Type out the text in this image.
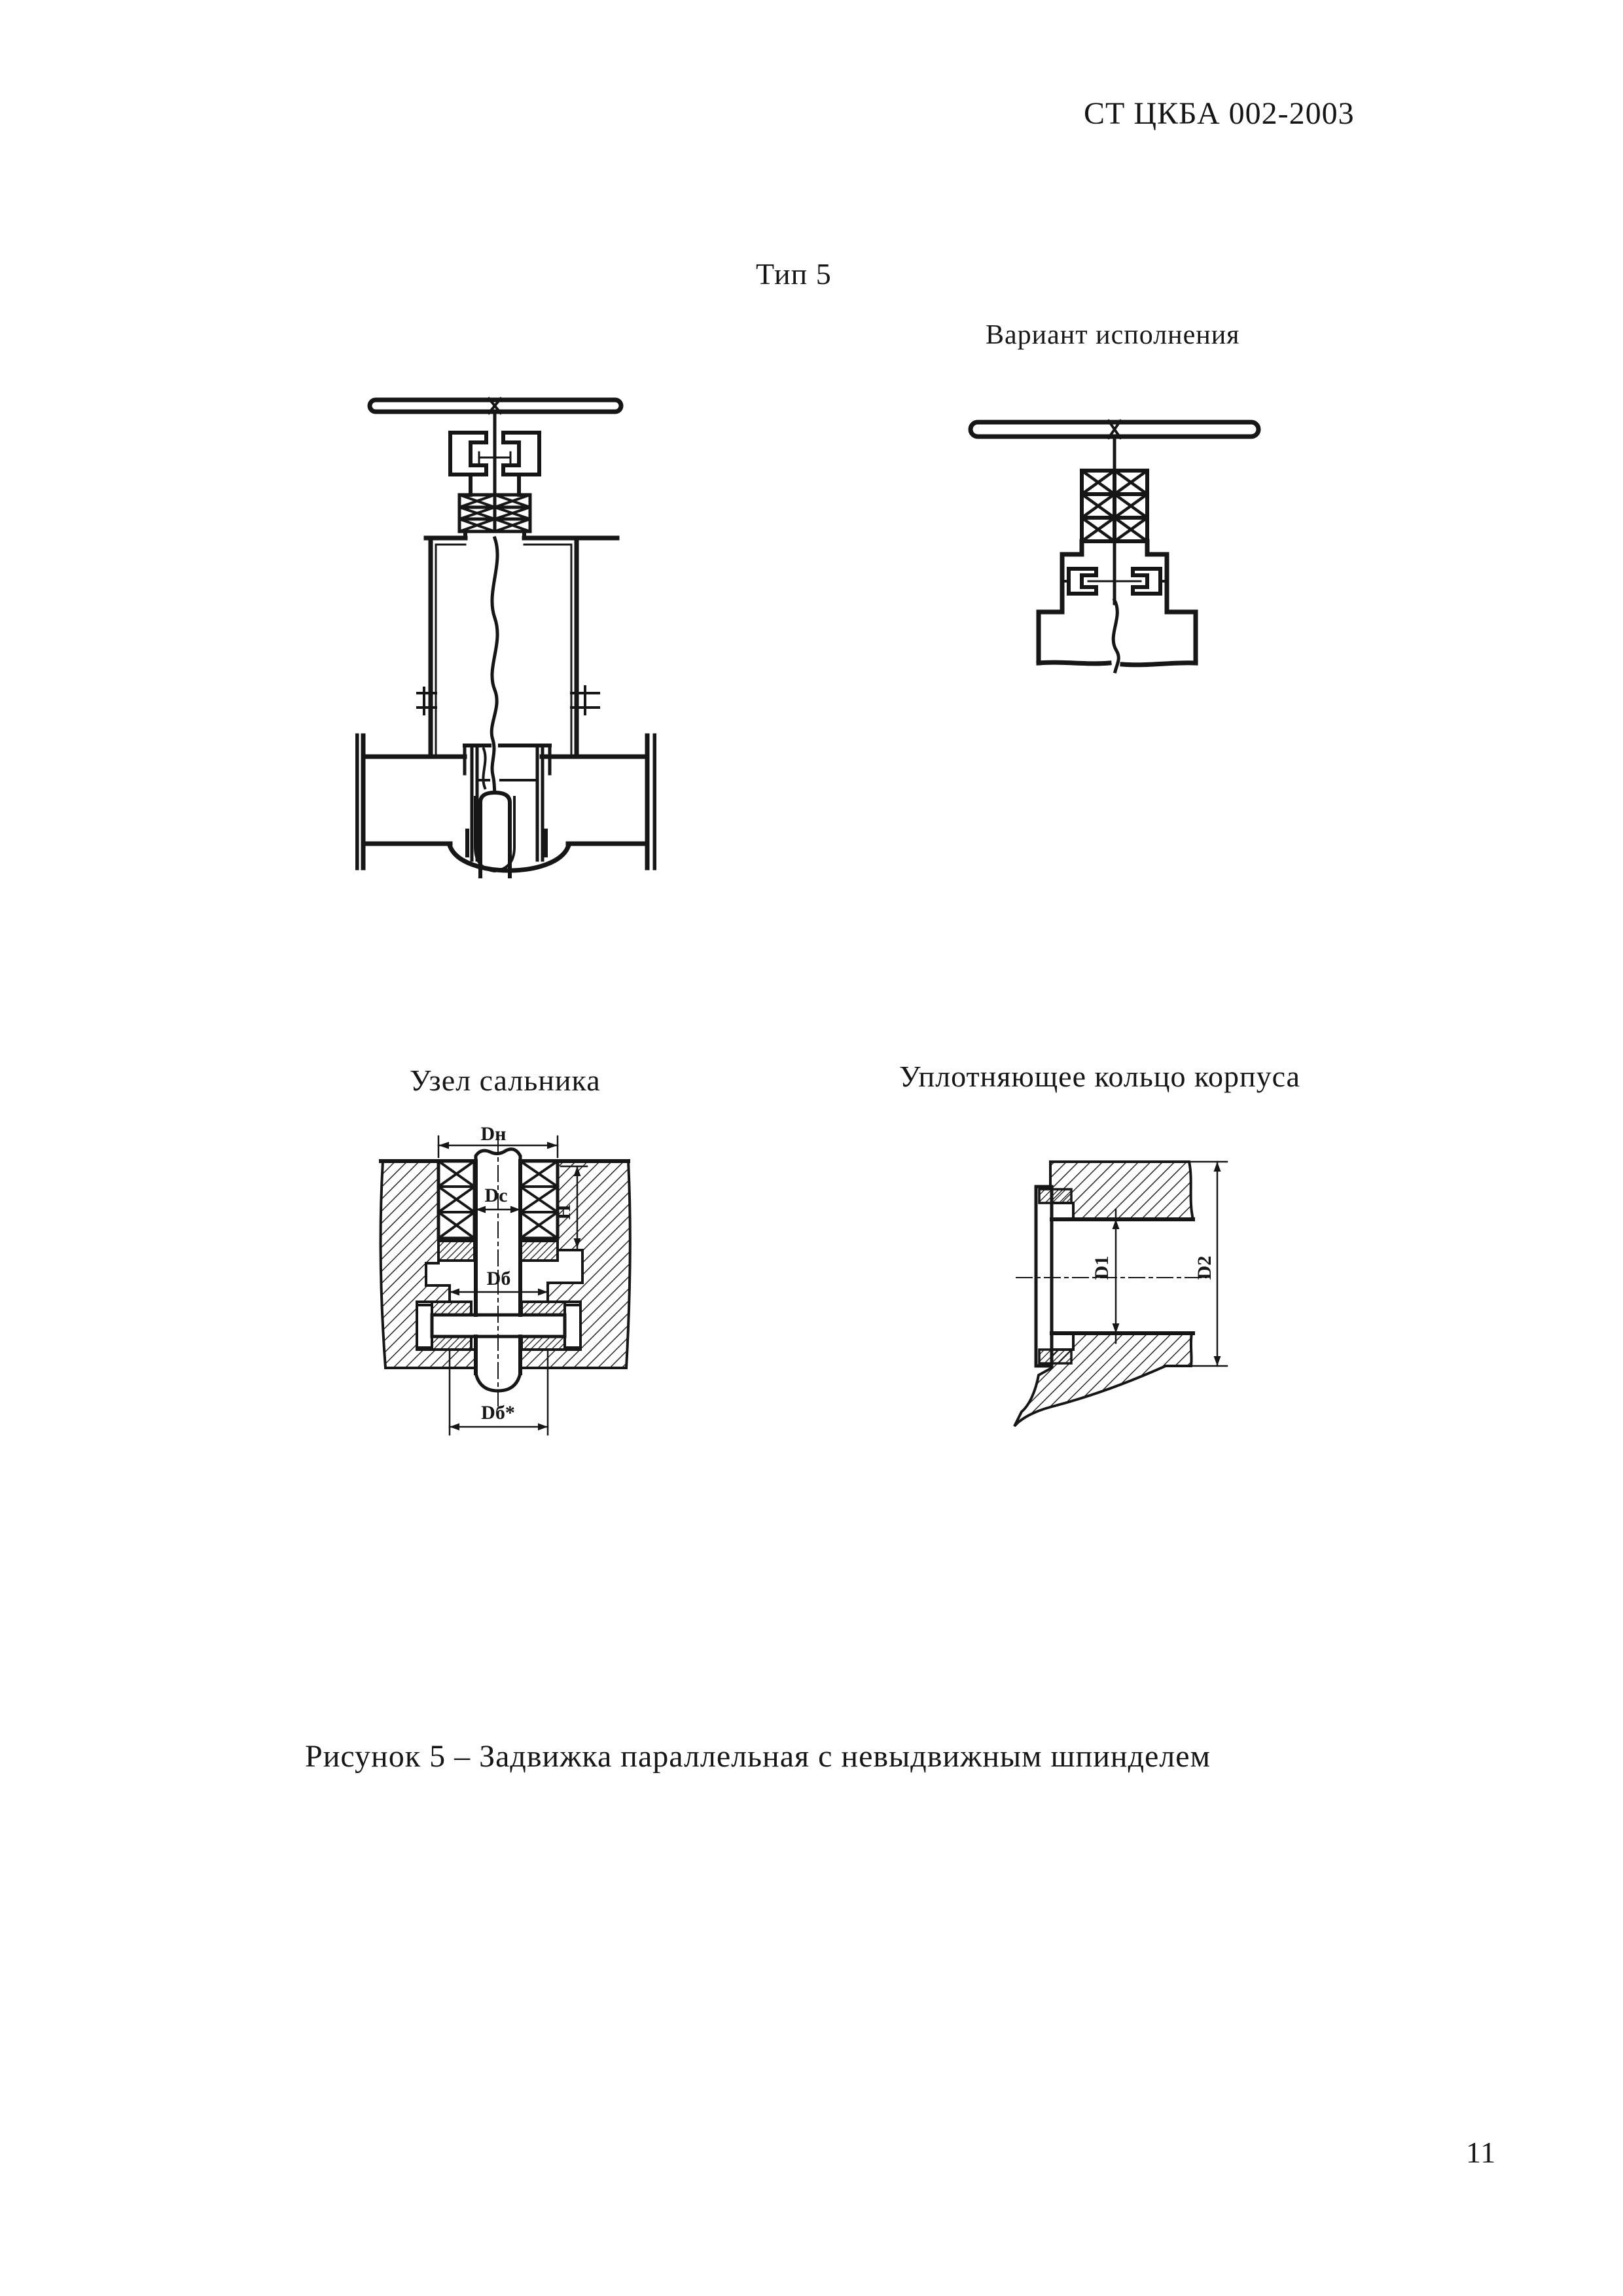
СТ ЦКБА 002-2003
Тип 5
Вариант исполнения
Узел сальника	Уплотняющее кольцо корпуса
Dн
Dс
H
Dб
Dб*
D1	D2
Рисунок 5 – Задвижка параллельная с невыдвижным шпинделем
11
